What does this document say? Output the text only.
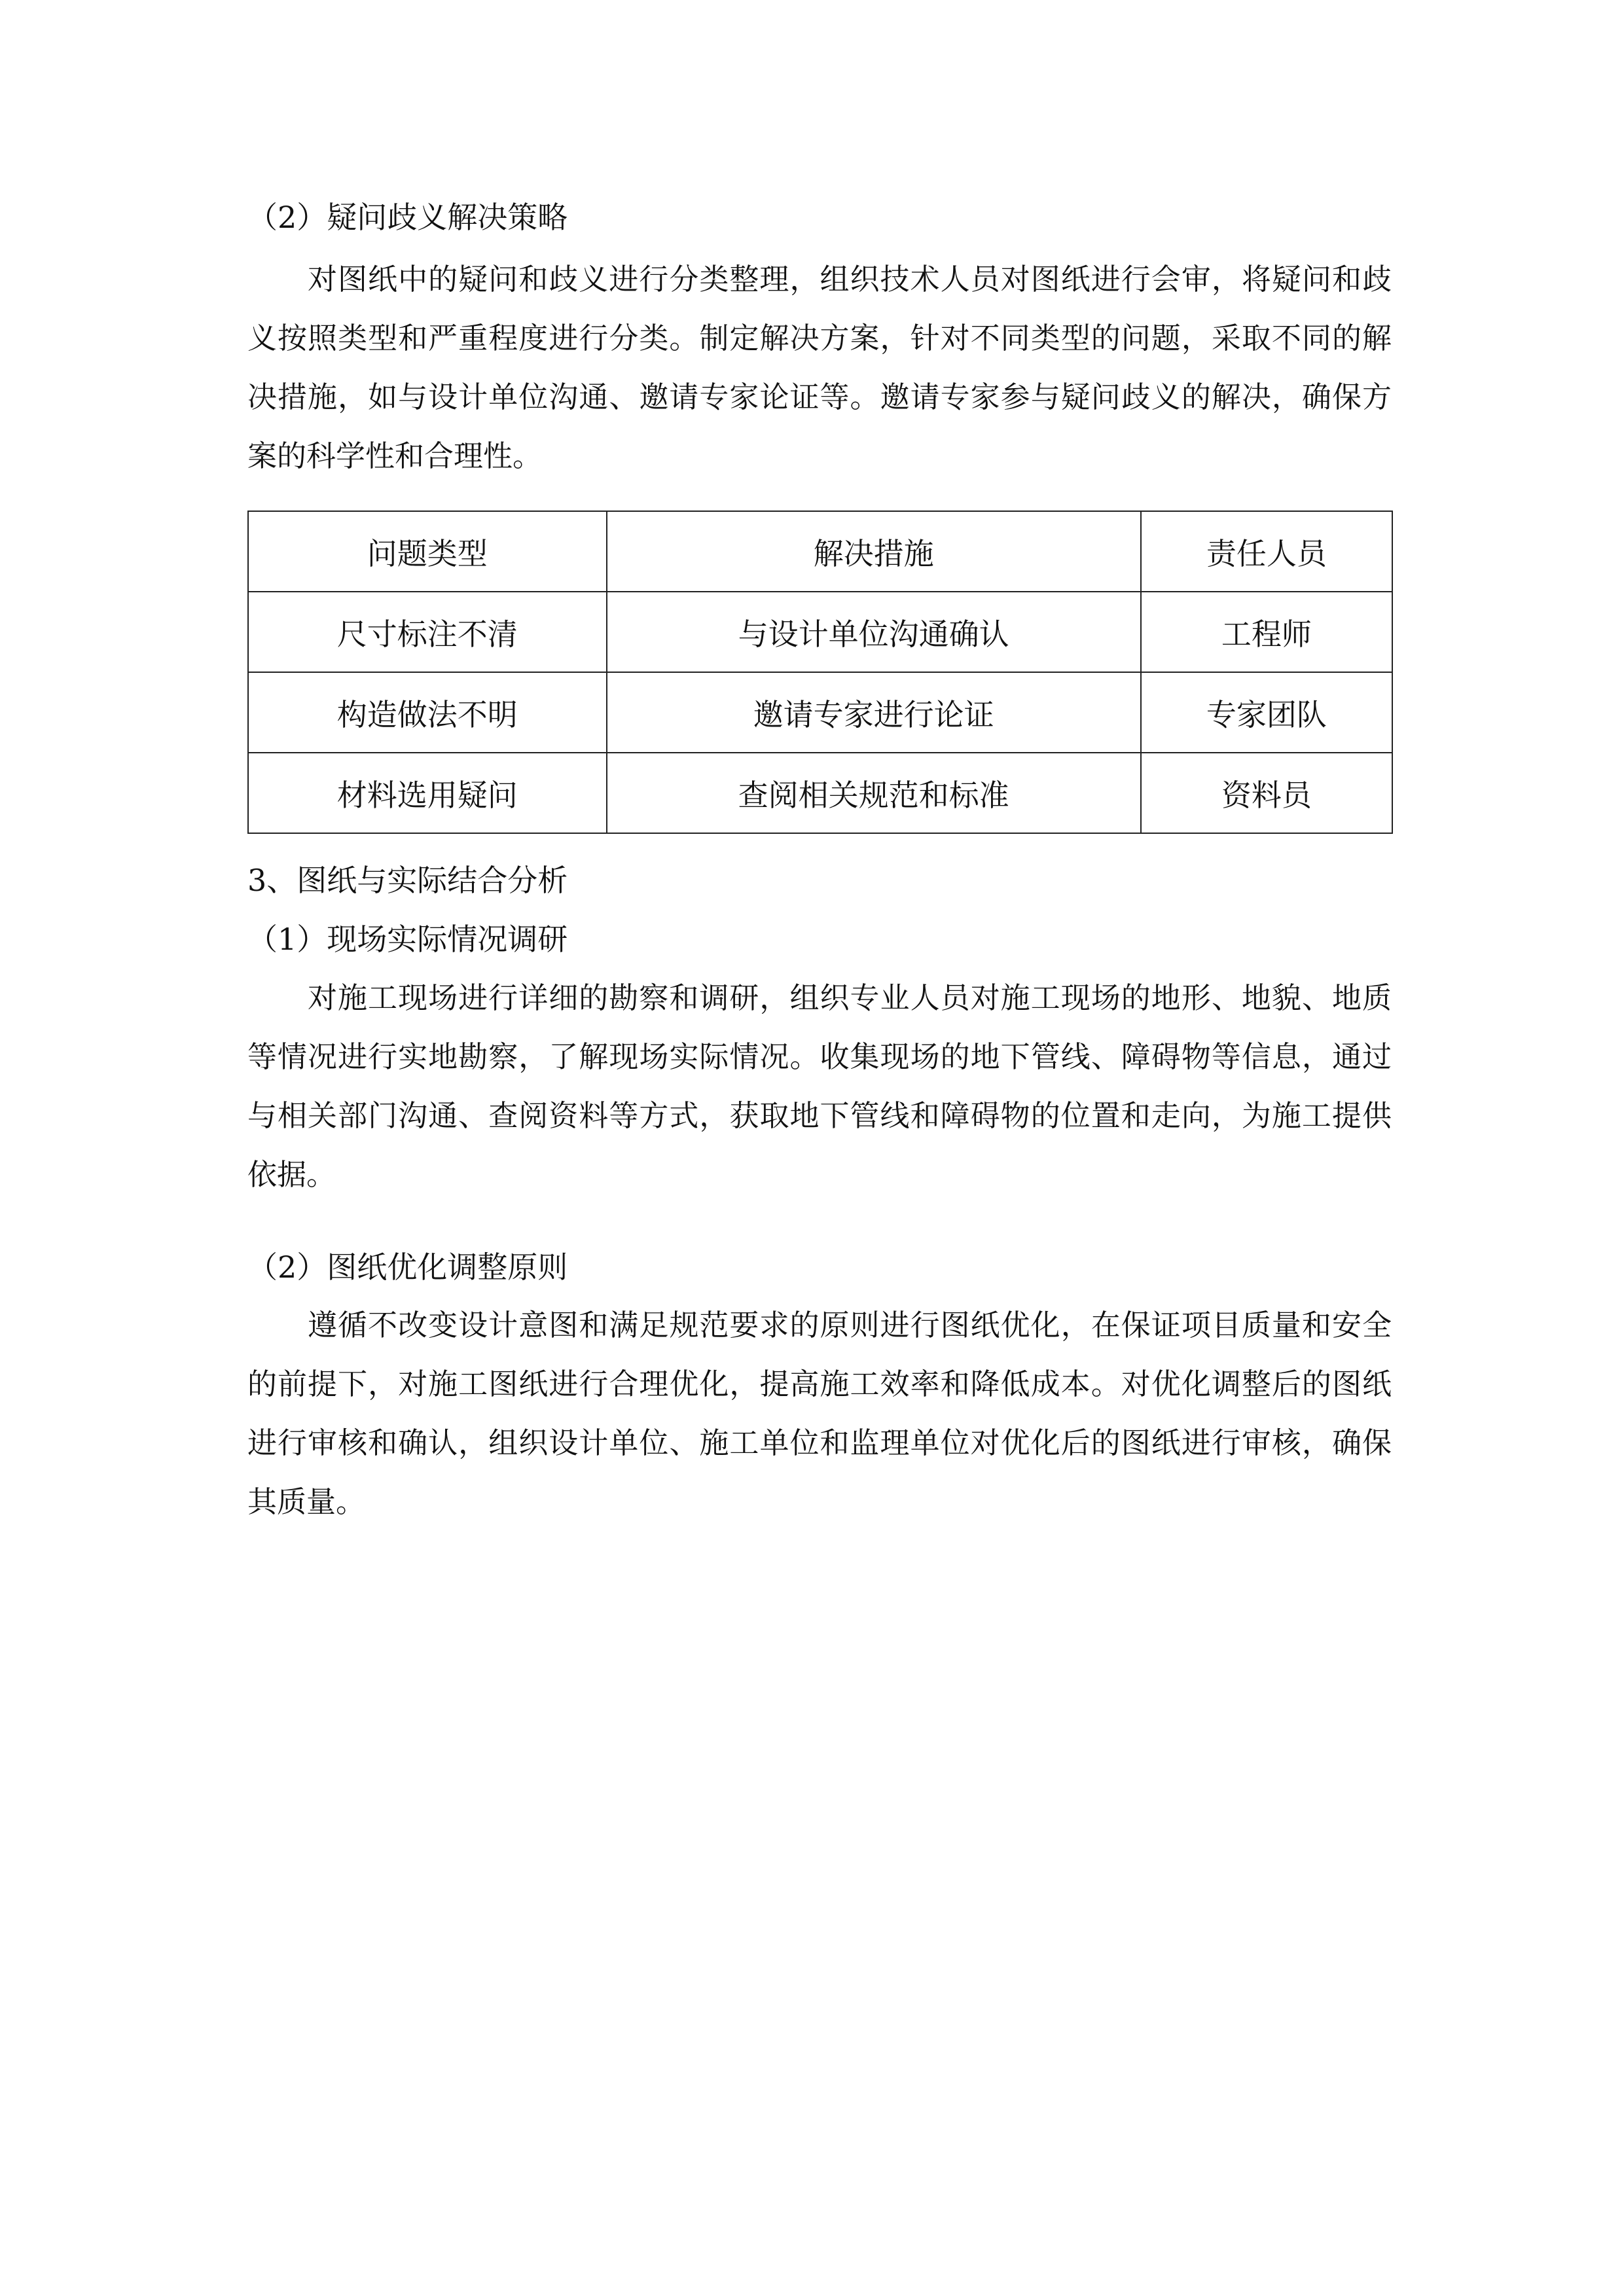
（2）疑问歧义解决策略

对图纸中的疑问和歧义进行分类整理，组织技术人员对图纸进行会审，将疑问和歧义按照类型和严重程度进行分类。制定解决方案，针对不同类型的问题，采取不同的解决措施，如与设计单位沟通、邀请专家论证等。邀请专家参与疑问歧义的解决，确保方案的科学性和合理性。

问题类型	解决措施	责任人员
尺寸标注不清	与设计单位沟通确认	工程师
构造做法不明	邀请专家进行论证	专家团队
材料选用疑问	查阅相关规范和标准	资料员
3、图纸与实际结合分析
（1）现场实际情况调研

对施工现场进行详细的勘察和调研，组织专业人员对施工现场的地形、地貌、地质等情况进行实地勘察，了解现场实际情况。收集现场的地下管线、障碍物等信息，通过与相关部门沟通、查阅资料等方式，获取地下管线和障碍物的位置和走向，为施工提供依据。

（2）图纸优化调整原则

遵循不改变设计意图和满足规范要求的原则进行图纸优化，在保证项目质量和安全的前提下，对施工图纸进行合理优化，提高施工效率和降低成本。对优化调整后的图纸进行审核和确认，组织设计单位、施工单位和监理单位对优化后的图纸进行审核，确保其质量。
